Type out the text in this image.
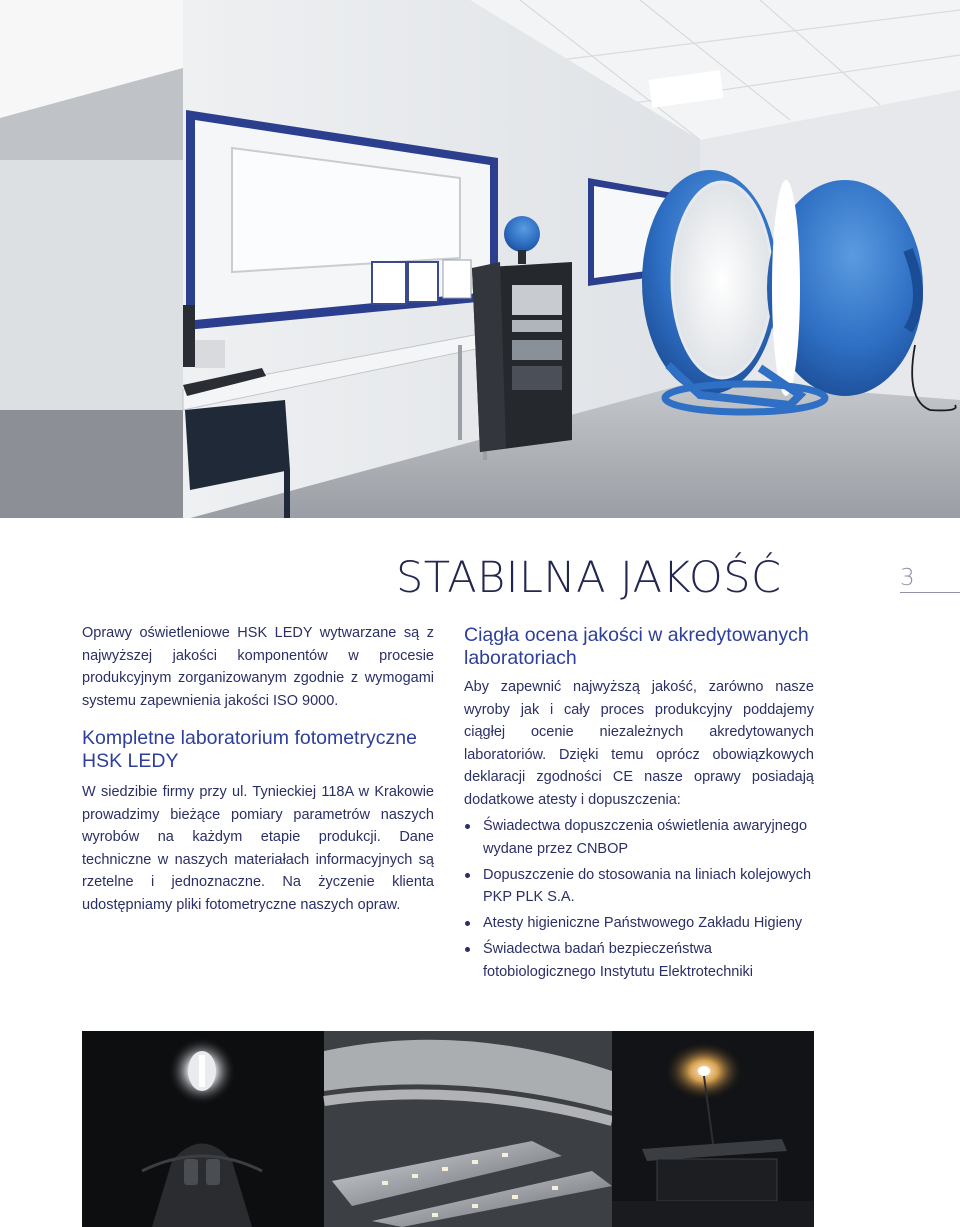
STABILNA JAKOŚĆ	3

Oprawy oświetleniowe HSK LEDY wytwarzane są z najwyższej jakości komponentów w procesie produkcyjnym zorganizowanym zgodnie z wymogami systemu zapewnienia jakości ISO 9000.

Kompletne laboratorium fotometryczne HSK LEDY

W siedzibie firmy przy ul. Tynieckiej 118A w Krakowie prowadzimy bieżące pomiary parametrów naszych wyrobów na każdym etapie produkcji. Dane techniczne w naszych materiałach informacyjnych są rzetelne i jednoznaczne. Na życzenie klienta udostępniamy pliki fotometryczne naszych opraw.

Ciągła ocena jakości w akredytowanych laboratoriach

Aby zapewnić najwyższą jakość, zarówno nasze wyroby jak i cały proces produkcyjny poddajemy ciągłej ocenie niezależnych akredytowanych laboratoriów. Dzięki temu oprócz obowiązkowych deklaracji zgodności CE nasze oprawy posiadają dodatkowe atesty i dopuszczenia:

Świadectwa dopuszczenia oświetlenia awaryjnego wydane przez CNBOP
Dopuszczenie do stosowania na liniach kolejowych PKP PLK S.A.
Atesty higieniczne Państwowego Zakładu Higieny
Świadectwa badań bezpieczeństwa fotobiologicznego Instytutu Elektrotechniki
